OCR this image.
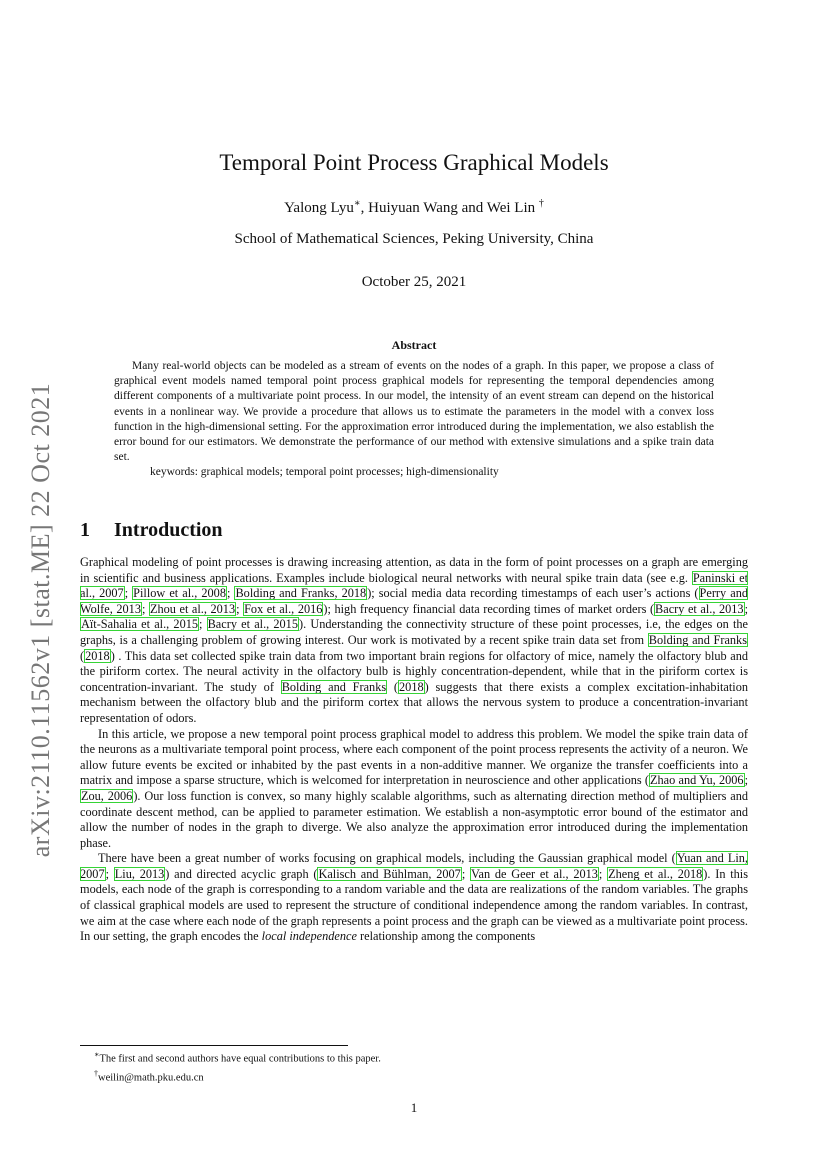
arXiv:2110.11562v1 [stat.ME] 22 Oct 2021
Temporal Point Process Graphical Models
Yalong Lyu∗, Huiyuan Wang and Wei Lin †
School of Mathematical Sciences, Peking University, China
October 25, 2021
Abstract

Many real-world objects can be modeled as a stream of events on the nodes of a graph. In this paper, we propose a class of graphical event models named temporal point process graphical models for representing the temporal dependencies among different components of a multivariate point process. In our model, the intensity of an event stream can depend on the historical events in a nonlinear way. We provide a procedure that allows us to estimate the parameters in the model with a convex loss function in the high-dimensional setting. For the approximation error introduced during the implementation, we also establish the error bound for our estimators. We demonstrate the performance of our method with extensive simulations and a spike train data set.

keywords: graphical models; temporal point processes; high-dimensionality

1 Introduction

Graphical modeling of point processes is drawing increasing attention, as data in the form of point processes on a graph are emerging in scientific and business applications. Examples include biological neural networks with neural spike train data (see e.g. Paninski et al., 2007; Pillow et al., 2008; Bolding and Franks, 2018); social media data recording timestamps of each user’s actions (Perry and Wolfe, 2013; Zhou et al., 2013; Fox et al., 2016); high frequency financial data recording times of market orders (Bacry et al., 2013; Aït-Sahalia et al., 2015; Bacry et al., 2015). Understanding the connectivity structure of these point processes, i.e, the edges on the graphs, is a challenging problem of growing interest. Our work is motivated by a recent spike train data set from Bolding and Franks (2018) . This data set collected spike train data from two important brain regions for olfactory of mice, namely the olfactory blub and the piriform cortex. The neural activity in the olfactory bulb is highly concentration-dependent, while that in the piriform cortex is concentration-invariant. The study of Bolding and Franks (2018) suggests that there exists a complex excitation-inhabitation mechanism between the olfactory blub and the piriform cortex that allows the nervous system to produce a concentration-invariant representation of odors.

In this article, we propose a new temporal point process graphical model to address this problem. We model the spike train data of the neurons as a multivariate temporal point process, where each component of the point process represents the activity of a neuron. We allow future events be excited or inhabited by the past events in a non-additive manner. We organize the transfer coefficients into a matrix and impose a sparse structure, which is welcomed for interpretation in neuroscience and other applications (Zhao and Yu, 2006; Zou, 2006). Our loss function is convex, so many highly scalable algorithms, such as alternating direction method of multipliers and coordinate descent method, can be applied to parameter estimation. We establish a non-asymptotic error bound of the estimator and allow the number of nodes in the graph to diverge. We also analyze the approximation error introduced during the implementation phase.

There have been a great number of works focusing on graphical models, including the Gaussian graphical model (Yuan and Lin, 2007; Liu, 2013) and directed acyclic graph (Kalisch and Bühlman, 2007; Van de Geer et al., 2013; Zheng et al., 2018). In this models, each node of the graph is corresponding to a random variable and the data are realizations of the random variables. The graphs of classical graphical models are used to represent the structure of conditional independence among the random variables. In contrast, we aim at the case where each node of the graph represents a point process and the graph can be viewed as a multivariate point process. In our setting, the graph encodes the local independence relationship among the components

∗The first and second authors have equal contributions to this paper.

†weilin@math.pku.edu.cn

1
